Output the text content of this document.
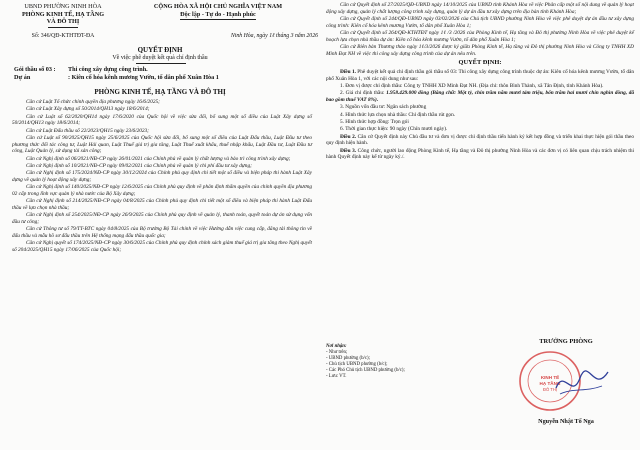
UBND PHƯỜNG NINH HÒA
PHÒNG KINH TẾ, HẠ TẦNG
VÀ ĐÔ THỊ
CỘNG HÒA XÃ HỘI CHỦ NGHĨA VIỆT NAM
Độc lập - Tự do - Hạnh phúc
Số: 346/QĐ-KTHTĐT-ĐA	Ninh Hòa, ngày 1ℓ tháng 3 năm 2026
QUYẾT ĐỊNH
Về việc phê duyệt kết quả chỉ định thầu
Gói thầu số 03 : Thi công xây dựng công trình.
Dự án	: Kiên cố hóa kênh mương Vườn, tổ dân phố Xuân Hòa 1
PHÒNG KINH TẾ, HẠ TẦNG VÀ ĐÔ THỊ

Căn cứ Luật Tổ chức chính quyền địa phương ngày 16/6/2025;

Căn cứ Luật Xây dựng số 50/2014/QH13 ngày 18/6/2014;

Căn cứ Luật số 62/2020/QH14 ngày 17/6/2020 của Quốc hội về việc sửa đổi, bổ sung một số điều của Luật Xây dựng số 50/2014/QH13 ngày 18/6/2014;

Căn cứ Luật Đấu thầu số 22/2023/QH15 ngày 23/6/2023;

Căn cứ Luật số 90/2025/QH15 ngày 25/6/2025 của Quốc hội sửa đổi, bổ sung một số điều của Luật Đấu thầu, Luật Đầu tư theo phương thức đối tác công tư, Luật Hải quan, Luật Thuế giá trị gia tăng, Luật Thuế xuất khẩu, thuế nhập khẩu, Luật Đầu tư, Luật Đầu tư công, Luật Quản lý, sử dụng tài sản công;

Căn cứ Nghị định số 06/2021/NĐ-CP ngày 26/01/2021 của Chính phủ về quản lý chất lượng và bảo trì công trình xây dựng;

Căn cứ Nghị định số 10/2021/NĐ-CP ngày 09/02/2021 của Chính phủ về quản lý chi phí đầu tư xây dựng;

Căn cứ Nghị định số 175/2024/NĐ-CP ngày 30/12/2024 của Chính phủ quy định chi tiết một số điều và biện pháp thi hành Luật Xây dựng về quản lý hoạt động xây dựng;

Căn cứ Nghị định số 140/2025/NĐ-CP ngày 12/6/2025 của Chính phủ quy định về phân định thẩm quyền của chính quyền địa phương 02 cấp trong lĩnh vực quản lý nhà nước của Bộ Xây dựng;

Căn cứ Nghị định số 214/2025/NĐ-CP ngày 04/8/2025 của Chính phủ quy định chi tiết một số điều và biện pháp thi hành Luật Đấu thầu về lựa chọn nhà thầu;

Căn cứ Nghị định số 254/2025/NĐ-CP ngày 26/9/2025 của Chính phủ quy định về quản lý, thanh toán, quyết toán dự án sử dụng vốn đầu tư công;

Căn cứ Thông tư số 79/TT-BTC ngày 04/8/2025 của Bộ trưởng Bộ Tài chính về việc Hướng dẫn việc cung cấp, đăng tải thông tin về đấu thầu và mẫu hồ sơ đấu thầu trên Hệ thống mạng đấu thầu quốc gia;

Căn cứ Nghị quyết số 174/2025/NĐ-CP ngày 30/6/2025 của Chính phủ quy định chính sách giảm thuế giá trị gia tăng theo Nghị quyết số 204/2025/QH15 ngày 17/06/2025 của Quốc hội;

Căn cứ Quyết định số 27/2025/QĐ-UBND ngày 14/10/2025 của UBND tỉnh Khánh Hòa về việc Phân cấp một số nội dung về quản lý hoạt động xây dựng, quản lý chất lượng công trình xây dựng, quản lý dự án đầu tư xây dựng trên địa bàn tỉnh Khánh Hòa;

Căn cứ Quyết định số 244/QĐ-UBND ngày 03/02/2026 của Chủ tịch UBND phường Ninh Hòa về việc phê duyệt dự án đầu tư xây dựng công trình: Kiên cố hóa kênh mương Vườn, tổ dân phố Xuân Hòa 1;

Căn cứ Quyết định số 264/QĐ-KTHTĐT ngày 1ℓ /3 /2026 của Phòng Kinh tế, Hạ tầng và Đô thị phường Ninh Hòa về việc phê duyệt kế hoạch lựa chọn nhà thầu dự án: Kiên cố hóa kênh mương Vườn, tổ dân phố Xuân Hòa 1;

Căn cứ Biên bản Thương thảo ngày 1ℓ/3/2026 được ký giữa Phòng Kinh tế, Hạ tầng và Đô thị phường Ninh Hòa và Công ty TNHH XD Minh Đạt NH về việc thi công xây dựng công trình của dự án nêu trên.

QUYẾT ĐỊNH:

Điều 1. Phê duyệt kết quả chỉ định thầu gói thầu số 03: Thi công xây dựng công trình thuộc dự án: Kiên cố hóa kênh mương Vườn, tổ dân phố Xuân Hòa 1, với các nội dung như sau:

1. Đơn vị được chỉ định thầu: Công ty TNHH XD Minh Đạt NH. (Địa chỉ: thôn Bình Thành, xã Tân Định, tỉnh Khánh Hòa).

2. Giá chỉ định thầu: 1.958.429.000 đồng (Bằng chữ: Một tỷ, chín trăm năm mươi tám triệu, bốn trăm hai mươi chín nghìn đồng, đã bao gồm thuế VAT 8%).

3. Nguồn vốn đầu tư: Ngân sách phường

4. Hình thức lựa chọn nhà thầu: Chỉ định thầu rút gọn.

5. Hình thức hợp đồng: Trọn gói

6. Thời gian thực hiện: 90 ngày (Chín mươi ngày).

Điều 2. Căn cứ Quyết định này Chủ đầu tư và đơn vị được chỉ định thầu tiến hành ký kết hợp đồng và triển khai thực hiện gói thầu theo quy định hiện hành.

Điều 3. Công chức, người lao động Phòng Kinh tế, Hạ tầng và Đô thị phường Ninh Hòa và các đơn vị có liên quan chịu trách nhiệm thi hành Quyết định này kể từ ngày ký./.

Nơi nhận:
- Như trên;
- UBND phường (b/c);
- Chủ tịch UBND phường (b/c);
- Các Phó Chủ tịch UBND phường (b/c);
- Lưu: VT.
TRƯỞNG PHÒNG
KINH TẾ
HẠ TẦNG
ĐÔ THỊ
Nguyễn Nhật Tố Nga
